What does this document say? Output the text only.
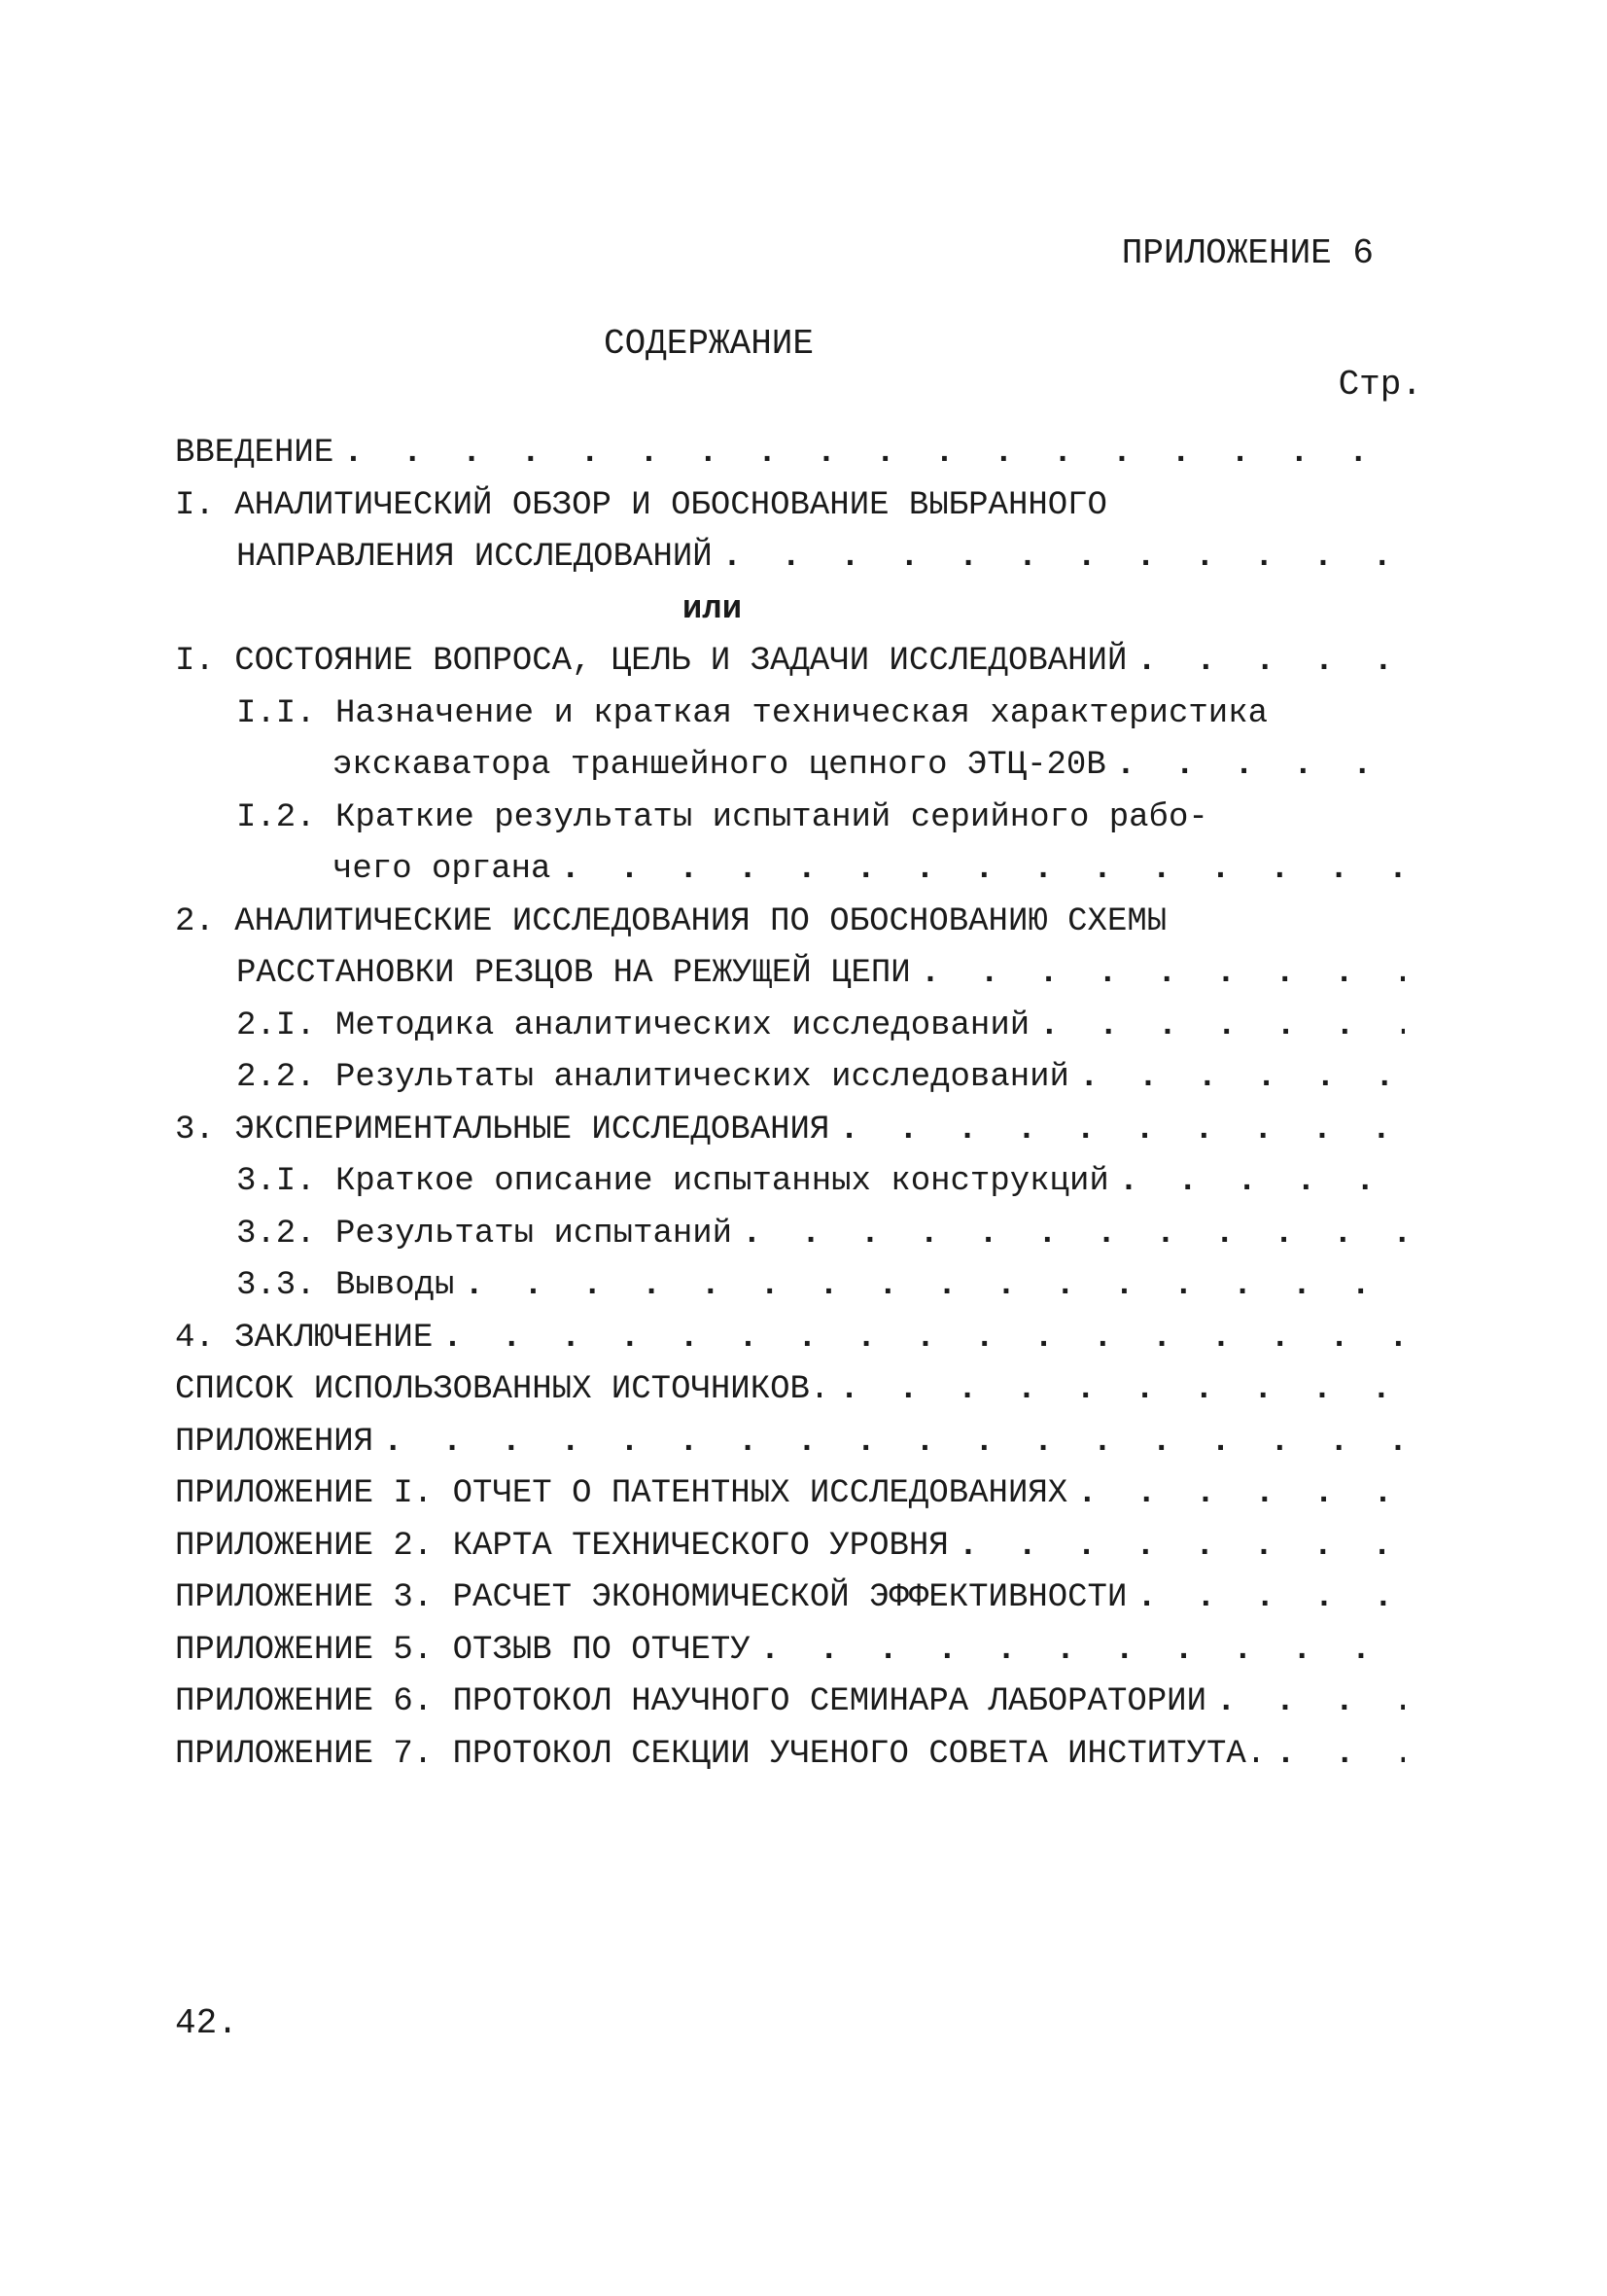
ПРИЛОЖЕНИЕ 6
СОДЕРЖАНИЕ
Стр.
ВВЕДЕНИЕ
. . .
I. АНАЛИТИЧЕСКИЙ ОБЗОР И ОБОСНОВАНИЕ ВЫБРАННОГО
НАПРАВЛЕНИЯ ИССЛЕДОВАНИЙ
. . .
или
I. СОСТОЯНИЕ ВОПРОСА, ЦЕЛЬ И ЗАДАЧИ ИССЛЕДОВАНИЙ
. . .
I.I. Назначение и краткая техническая характеристика
экскаватора траншейного цепного ЭТЦ-20В
. . .
I.2. Краткие результаты испытаний серийного рабо-
чего органа
. . .
2. АНАЛИТИЧЕСКИЕ ИССЛЕДОВАНИЯ ПО ОБОСНОВАНИЮ СХЕМЫ
РАССТАНОВКИ РЕЗЦОВ НА РЕЖУЩЕЙ ЦЕПИ
. . .
2.I. Методика аналитических исследований
. . .
2.2. Результаты аналитических исследований
. . .
3. ЭКСПЕРИМЕНТАЛЬНЫЕ ИССЛЕДОВАНИЯ
. . .
3.I. Краткое описание испытанных конструкций
. . .
3.2. Результаты испытаний
. . .
3.3. Выводы
. . .
4. ЗАКЛЮЧЕНИЕ
. . .
СПИСОК ИСПОЛЬЗОВАННЫХ ИСТОЧНИКОВ.
. . .
ПРИЛОЖЕНИЯ
. . .
ПРИЛОЖЕНИЕ I. ОТЧЕТ О ПАТЕНТНЫХ ИССЛЕДОВАНИЯХ
. . .
ПРИЛОЖЕНИЕ 2. КАРТА ТЕХНИЧЕСКОГО УРОВНЯ
. . .
ПРИЛОЖЕНИЕ 3. РАСЧЕТ ЭКОНОМИЧЕСКОЙ ЭФФЕКТИВНОСТИ
. . .
ПРИЛОЖЕНИЕ 5. ОТЗЫВ ПО ОТЧЕТУ
. . .
ПРИЛОЖЕНИЕ 6. ПРОТОКОЛ НАУЧНОГО СЕМИНАРА ЛАБОРАТОРИИ
. . .
ПРИЛОЖЕНИЕ 7. ПРОТОКОЛ СЕКЦИИ УЧЕНОГО СОВЕТА ИНСТИТУТА.
. . .
42.
